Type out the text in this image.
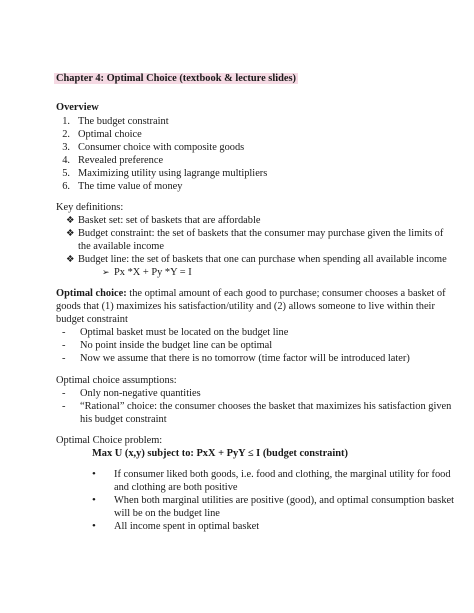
Chapter 4: Optimal Choice (textbook & lecture slides)
Overview
1. The budget constraint
2. Optimal choice
3. Consumer choice with composite goods
4. Revealed preference
5. Maximizing utility using lagrange multipliers
6. The time value of money
Key definitions:
❖ Basket set: set of baskets that are affordable
❖ Budget constraint: the set of baskets that the consumer may purchase given the limits of
the available income
❖ Budget line: the set of baskets that one can purchase when spending all available income
➢ Px *X + Py *Y = I
Optimal choice: the optimal amount of each good to purchase; consumer chooses a basket of
goods that (1) maximizes his satisfaction/utility and (2) allows someone to live within their
budget constraint
- Optimal basket must be located on the budget line
- No point inside the budget line can be optimal
- Now we assume that there is no tomorrow (time factor will be introduced later)
Optimal choice assumptions:
- Only non-negative quantities
- “Rational” choice: the consumer chooses the basket that maximizes his satisfaction given
his budget constraint
Optimal Choice problem:
Max U (x,y) subject to: PxX + PyY ≤ I (budget constraint)
• If consumer liked both goods, i.e. food and clothing, the marginal utility for food
and clothing are both positive
• When both marginal utilities are positive (good), and optimal consumption basket
will be on the budget line
• All income spent in optimal basket
